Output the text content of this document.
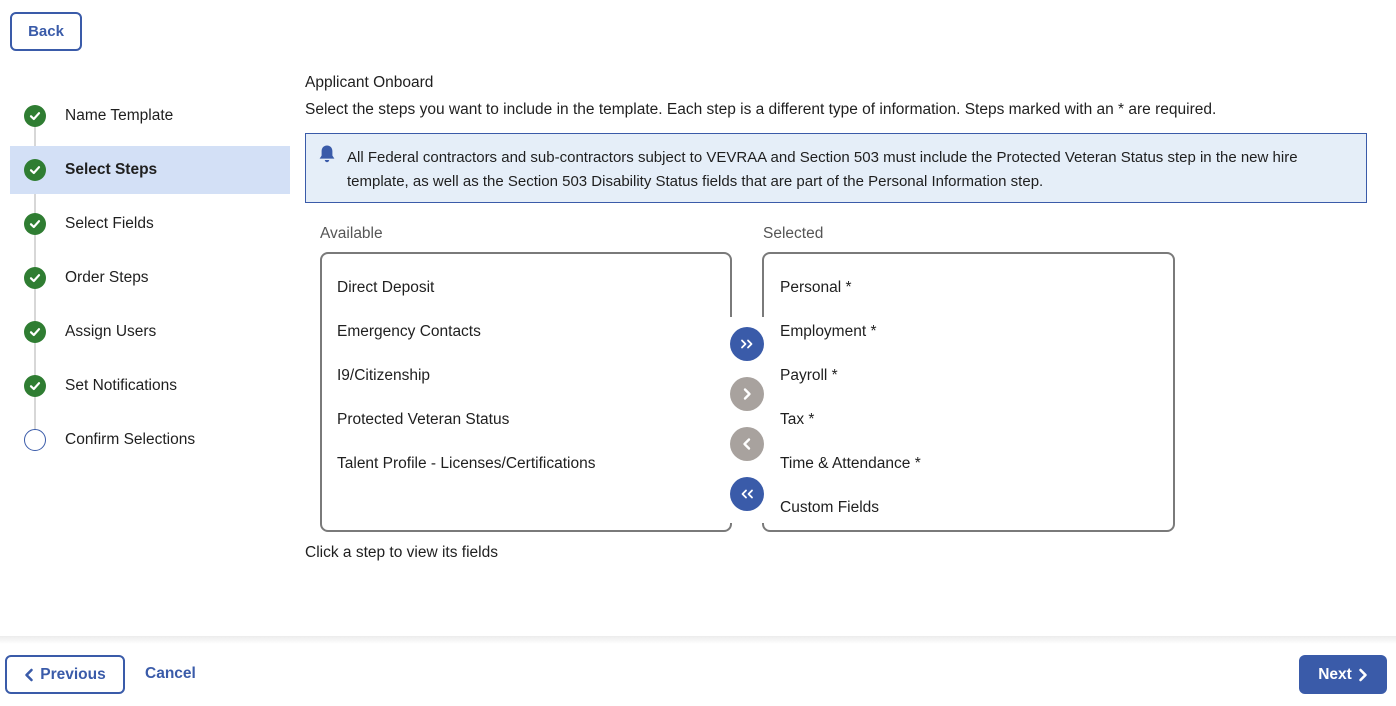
Back
Name Template
Select Steps
Select Fields
Order Steps
Assign Users
Set Notifications
Confirm Selections
Applicant Onboard
Select the steps you want to include in the template. Each step is a different type of information. Steps marked with an * are required.
All Federal contractors and sub-contractors subject to VEVRAA and Section 503 must include the Protected Veteran Status step in the new hire template, as well as the Section 503 Disability Status fields that are part of the Personal Information step.
Available	Selected
Direct Deposit
Emergency Contacts
I9/Citizenship
Protected Veteran Status
Talent Profile - Licenses/Certifications
Personal *
Employment *
Payroll *
Tax *
Time & Attendance *
Custom Fields
Click a step to view its fields
Previous	Cancel	Next
